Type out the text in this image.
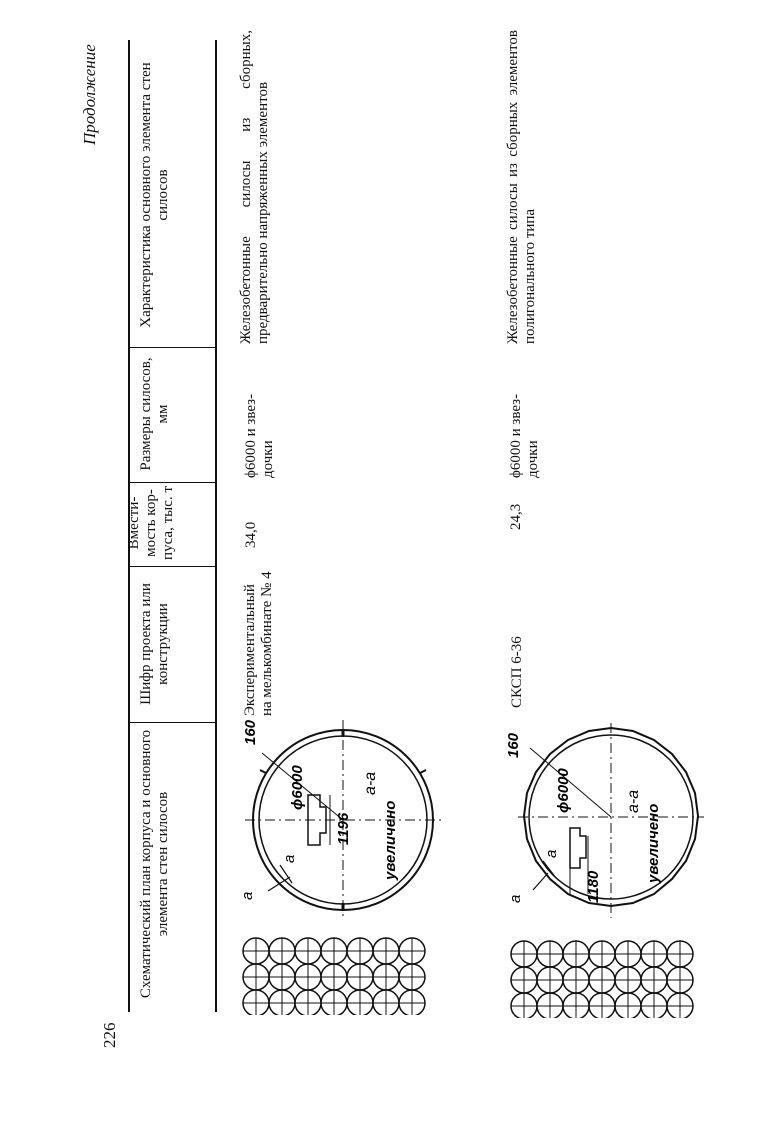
226
Продолжение
Схематический план корпуса и основного элемента стен силосов
Шифр проекта или конструкции
Вмести-мость кор-пуса, тыс. т
Размеры силосов, мм
Характеристика основного элемента стен силосов
Экспериментальный на мелькомбинате № 4
34,0
ϕ6000 и звез-дочки
Железобетонные силосы из сборных, предварительно напряженных элементов
СКСП 6-36
24,3
ϕ6000 и звез-дочки
Железобетонные силосы из сборных элементов полигонального типа
160
ϕ6000
1196
а-а
увеличено
а
а
160
ϕ6000
1180
а-а
увеличено
а
а
